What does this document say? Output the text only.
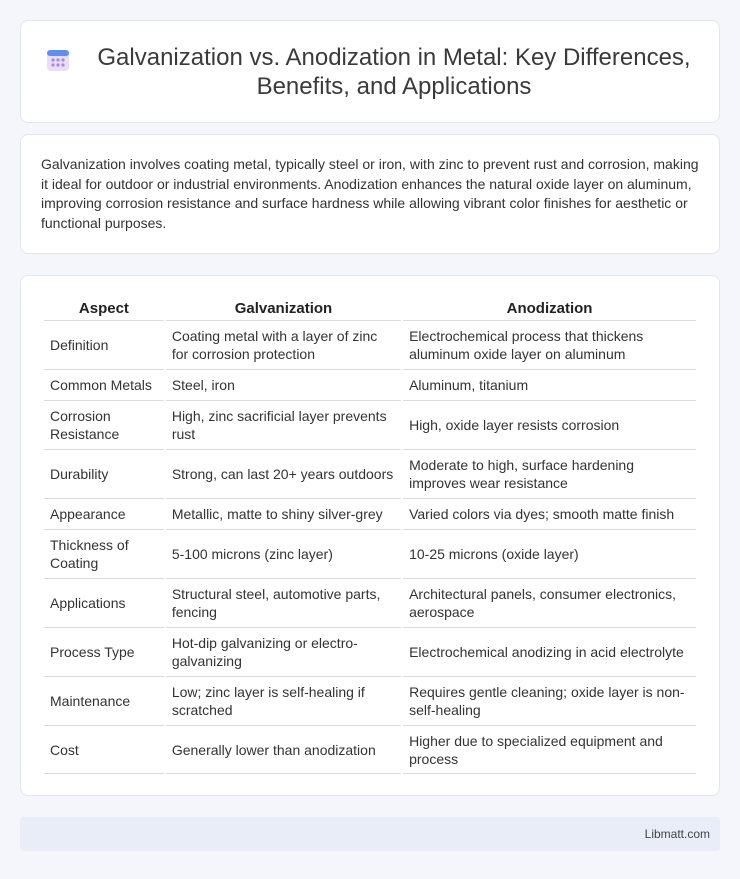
Galvanization vs. Anodization in Metal: Key Differences, Benefits, and Applications

Galvanization involves coating metal, typically steel or iron, with zinc to prevent rust and corrosion, making it ideal for outdoor or industrial environments. Anodization enhances the natural oxide layer on aluminum, improving corrosion resistance and surface hardness while allowing vibrant color finishes for aesthetic or functional purposes.

Aspect	Galvanization	Anodization
Definition	Coating metal with a layer of zinc for corrosion protection	Electrochemical process that thickens aluminum oxide layer on aluminum
Common Metals	Steel, iron	Aluminum, titanium
Corrosion Resistance	High, zinc sacrificial layer prevents rust	High, oxide layer resists corrosion
Durability	Strong, can last 20+ years outdoors	Moderate to high, surface hardening improves wear resistance
Appearance	Metallic, matte to shiny silver-grey	Varied colors via dyes; smooth matte finish
Thickness of Coating	5-100 microns (zinc layer)	10-25 microns (oxide layer)
Applications	Structural steel, automotive parts, fencing	Architectural panels, consumer electronics, aerospace
Process Type	Hot-dip galvanizing or electro-galvanizing	Electrochemical anodizing in acid electrolyte
Maintenance	Low; zinc layer is self-healing if scratched	Requires gentle cleaning; oxide layer is non-self-healing
Cost	Generally lower than anodization	Higher due to specialized equipment and process
Libmatt.com
